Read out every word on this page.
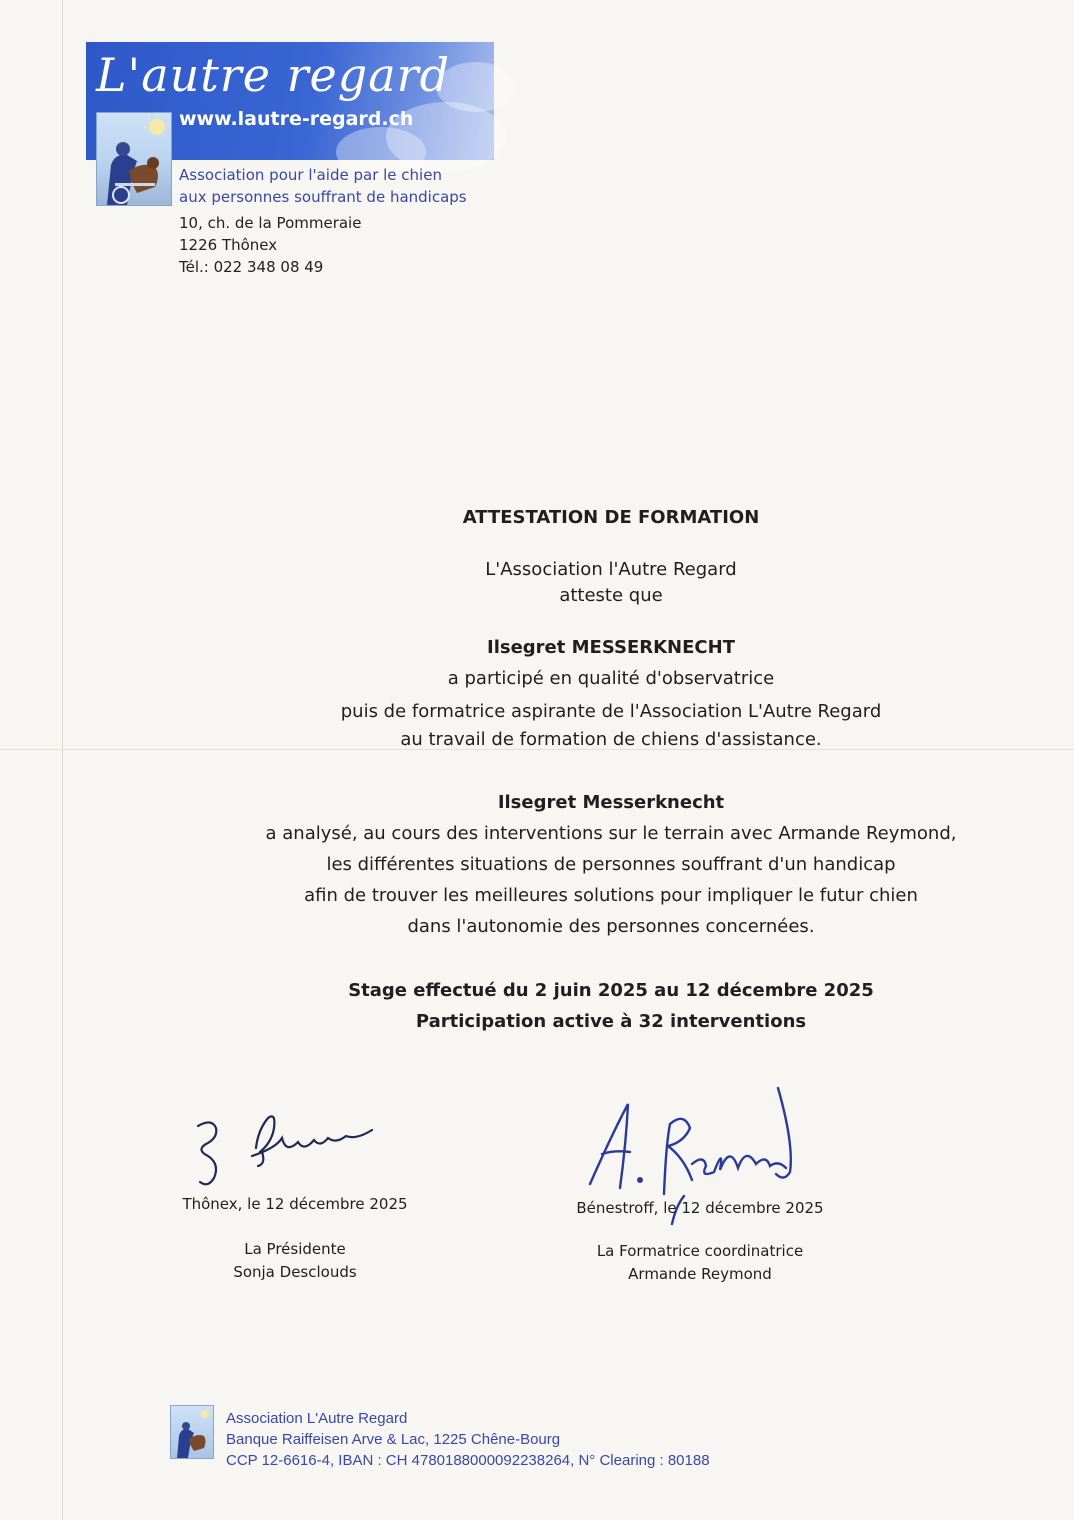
L'autre regard
www.lautre-regard.ch
Association pour l'aide par le chien
aux personnes souffrant de handicaps
10, ch. de la Pommeraie
1226 Thônex
Tél.: 022 348 08 49
ATTESTATION DE FORMATION
L'Association l'Autre Regard
atteste que
Ilsegret MESSERKNECHT
a participé en qualité d'observatrice
puis de formatrice aspirante de l'Association L'Autre Regard
au travail de formation de chiens d'assistance.
Ilsegret Messerknecht
a analysé, au cours des interventions sur le terrain avec Armande Reymond,
les différentes situations de personnes souffrant d'un handicap
afin de trouver les meilleures solutions pour impliquer le futur chien
dans l'autonomie des personnes concernées.
Stage effectué du 2 juin 2025 au 12 décembre 2025
Participation active à 32 interventions
Thônex, le 12 décembre 2025
La Présidente
Sonja Desclouds
Bénestroff, le 12 décembre 2025
La Formatrice coordinatrice
Armande Reymond
Association L'Autre Regard
Banque Raiffeisen Arve & Lac, 1225 Chêne-Bourg
CCP 12-6616-4, IBAN : CH 4780188000092238264, N° Clearing : 80188
